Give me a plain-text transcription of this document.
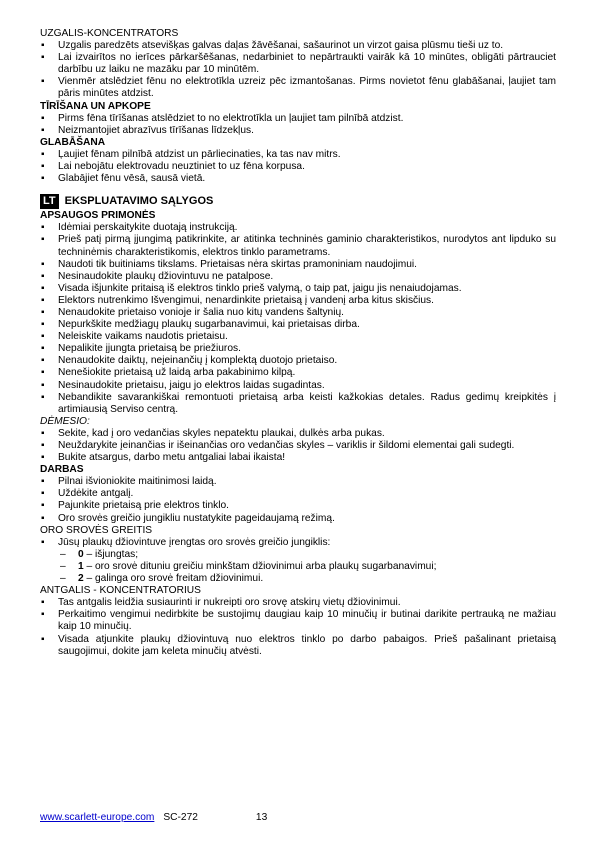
UZGALIS-KONCENTRATORS

▪ Uzgalis paredzēts atsevišķas galvas daļas žāvēšanai, sašaurinot un virzot gaisa plūsmu tieši uz to.
▪ Lai izvairītos no ierīces pārkaršēšanas, nedarbiniet to nepārtraukti vairāk kā 10 minūtes, obligāti pārtrauciet darbību uz laiku ne mazāku par 10 minūtēm.
▪ Vienmēr atslēdziet fēnu no elektrotīkla uzreiz pēc izmantošanas. Pirms novietot fēnu glabāšanai, ļaujiet tam pāris minūtes atdzist.

TĪRĪŠANA UN APKOPE

▪ Pirms fēna tīrīšanas atslēdziet to no elektrotīkla un ļaujiet tam pilnībā atdzist.
▪ Neizmantojiet abrazīvus tīrīšanas līdzekļus.

GLABĀŠANA

▪ Ļaujiet fēnam pilnībā atdzist un pārliecinaties, ka tas nav mitrs.
▪ Lai nebojātu elektrovadu neuztiniet to uz fēna korpusa.
▪ Glabājiet fēnu vēsā, sausā vietā.
LT EKSPLUATAVIMO SĄLYGOS

APSAUGOS PRIMONĖS

▪ Idėmiai perskaitykite duotają instrukciją.
▪ Prieš patį pirmą įjungimą patikrinkite, ar atitinka techninės gaminio charakteristikos, nurodytos ant lipduko su techninėmis charakteristikomis, elektros tinklo parametrams.
▪ Naudoti tik buitiniams tikslams. Prietaisas nėra skirtas pramoniniam naudojimui.
▪ Nesinaudokite plaukų džiovintuvu ne patalpose.
▪ Visada išjunkite pritaisą iš elektros tinklo prieš valymą, o taip pat, jaigu jis nenaiudojamas.
▪ Elektors nutrenkimo Išvengimui, nenardinkite prietaisą į vandenį arba kitus skisčius.
▪ Nenaudokite prietaiso vonioje ir šalia nuo kitų vandens šaltynių.
▪ Nepurkškite medžiagų plaukų sugarbanavimui, kai prietaisas dirba.
▪ Neleiskite vaikams naudotis prietaisu.
▪ Nepalikite įjungta prietaisą be priežiuros.
▪ Nenaudokite daiktų, neįeinančių į komplektą duotojo prietaiso.
▪ Nenešiokite prietaisą už laidą arba pakabinimo kilpą.
▪ Nesinaudokite prietaisu, jaigu jo elektros laidas sugadintas.
▪ Nebandikite savarankiškai remontuoti prietaisą arba keisti kažkokias detales. Radus gedimų kreipkitės į artimiausią Serviso centrą.

DĖMESIO:

▪ Sekite, kad į oro vedančias skyles nepatektu plaukai, dulkės arba pukas.
▪ Neuždarykite įeinančias ir išeinančias oro vedančias skyles – variklis ir šildomi elementai gali sudegti.
▪ Bukite atsargus, darbo metu antgaliai labai ikaista!

DARBAS

▪ Pilnai išvioniokite maitinimosi laidą.
▪ Uždėkite antgalį.
▪ Pajunkite prietaisą prie elektros tinklo.
▪ Oro srovės greičio jungikliu nustatykite pageidaujamą režimą.

ORO SROVĖS GREITIS

▪ Jūsų plaukų džiovintuve įrengtas oro srovės greičio jungiklis:
– 0 – išjungtas;
– 1 – oro srovė dituniu greičiu minkštam džiovinimui arba plaukų sugarbanavimui;
– 2 – galinga oro srovė freitam džiovinimui.

ANTGALIS - KONCENTRATORIUS

▪ Tas antgalis leidžia susiaurinti ir nukreipti oro srovę atskirų vietų džiovinimui.
▪ Perkaitimo vengimui nedirbkite be sustojimų daugiau kaip 10 minučių ir butinai darikite pertrauką ne mažiau kaip 10 minučių.
▪ Visada atjunkite plaukų džiovintuvą nuo elektros tinklo po darbo pabaigos. Prieš pašalinant prietaisą saugojimui, dokite jam keleta minučių atvėsti.
www.scarlett-europe.com SC-272	13
